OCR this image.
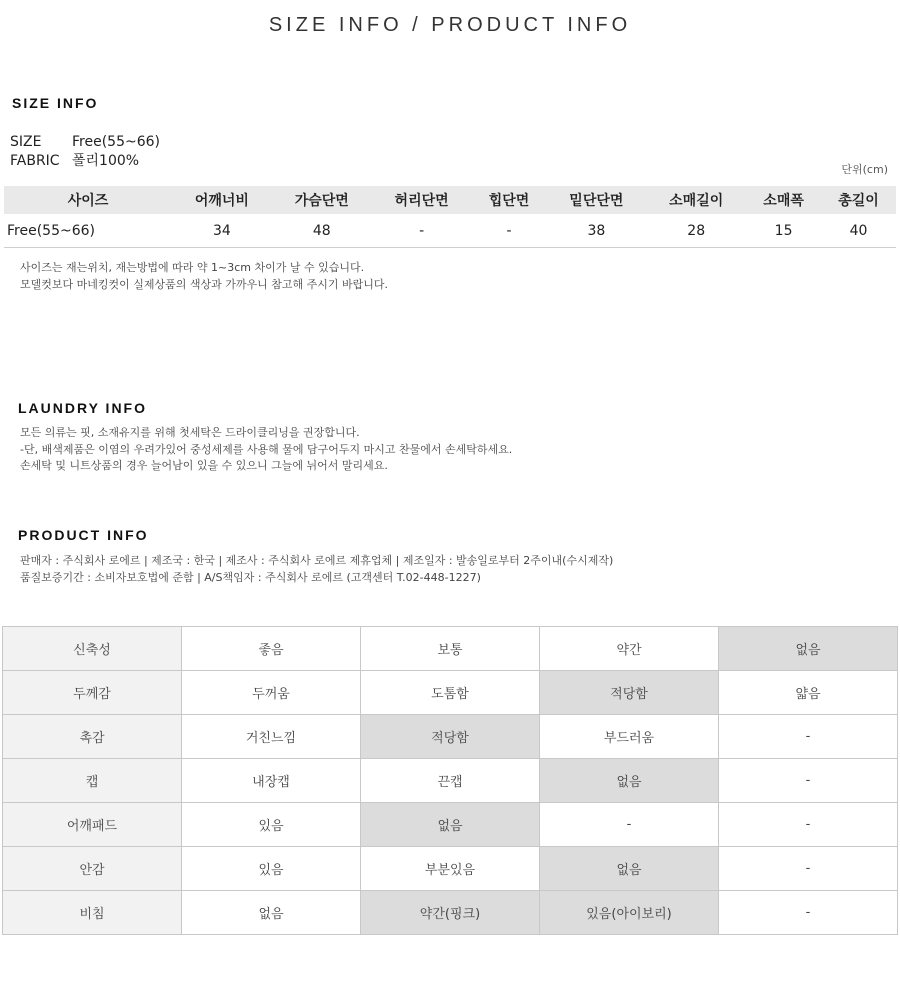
SIZE INFO / PRODUCT INFO
SIZE INFO
SIZE Free(55~66)
FABRIC 폴리100%
단위(cm)
사이즈	어깨너비	가슴단면	허리단면	힙단면	밑단단면	소매길이	소매폭	총길이
Free(55~66)	34	48	-	-	38	28	15	40
사이즈는 재는위치, 재는방법에 따라 약 1~3cm 차이가 날 수 있습니다.
모델컷보다 마네킹컷이 실제상품의 색상과 가까우니 참고해 주시기 바랍니다.
LAUNDRY INFO
모든 의류는 핏, 소재유지를 위해 첫세탁은 드라이클리닝을 권장합니다.
-단, 배색제품은 이염의 우려가있어 중성세제를 사용해 물에 담구어두지 마시고 찬물에서 손세탁하세요.
손세탁 및 니트상품의 경우 늘어남이 있을 수 있으니 그늘에 뉘어서 말리세요.
PRODUCT INFO
판매자 : 주식회사 로에르 | 제조국 : 한국 | 제조사 : 주식회사 로에르 제휴업체 | 제조일자 : 발송일로부터 2주이내(수시제작)
품질보증기간 : 소비자보호법에 준함 | A/S책임자 : 주식회사 로에르 (고객센터 T.02-448-1227)
신축성	좋음	보통	약간	없음
두께감	두꺼움	도톰함	적당함	얇음
촉감	거친느낌	적당함	부드러움	-
캡	내장캡	끈캡	없음	-
어깨패드	있음	없음	-	-
안감	있음	부분있음	없음	-
비침	없음	약간(핑크)	있음(아이보리)	-
